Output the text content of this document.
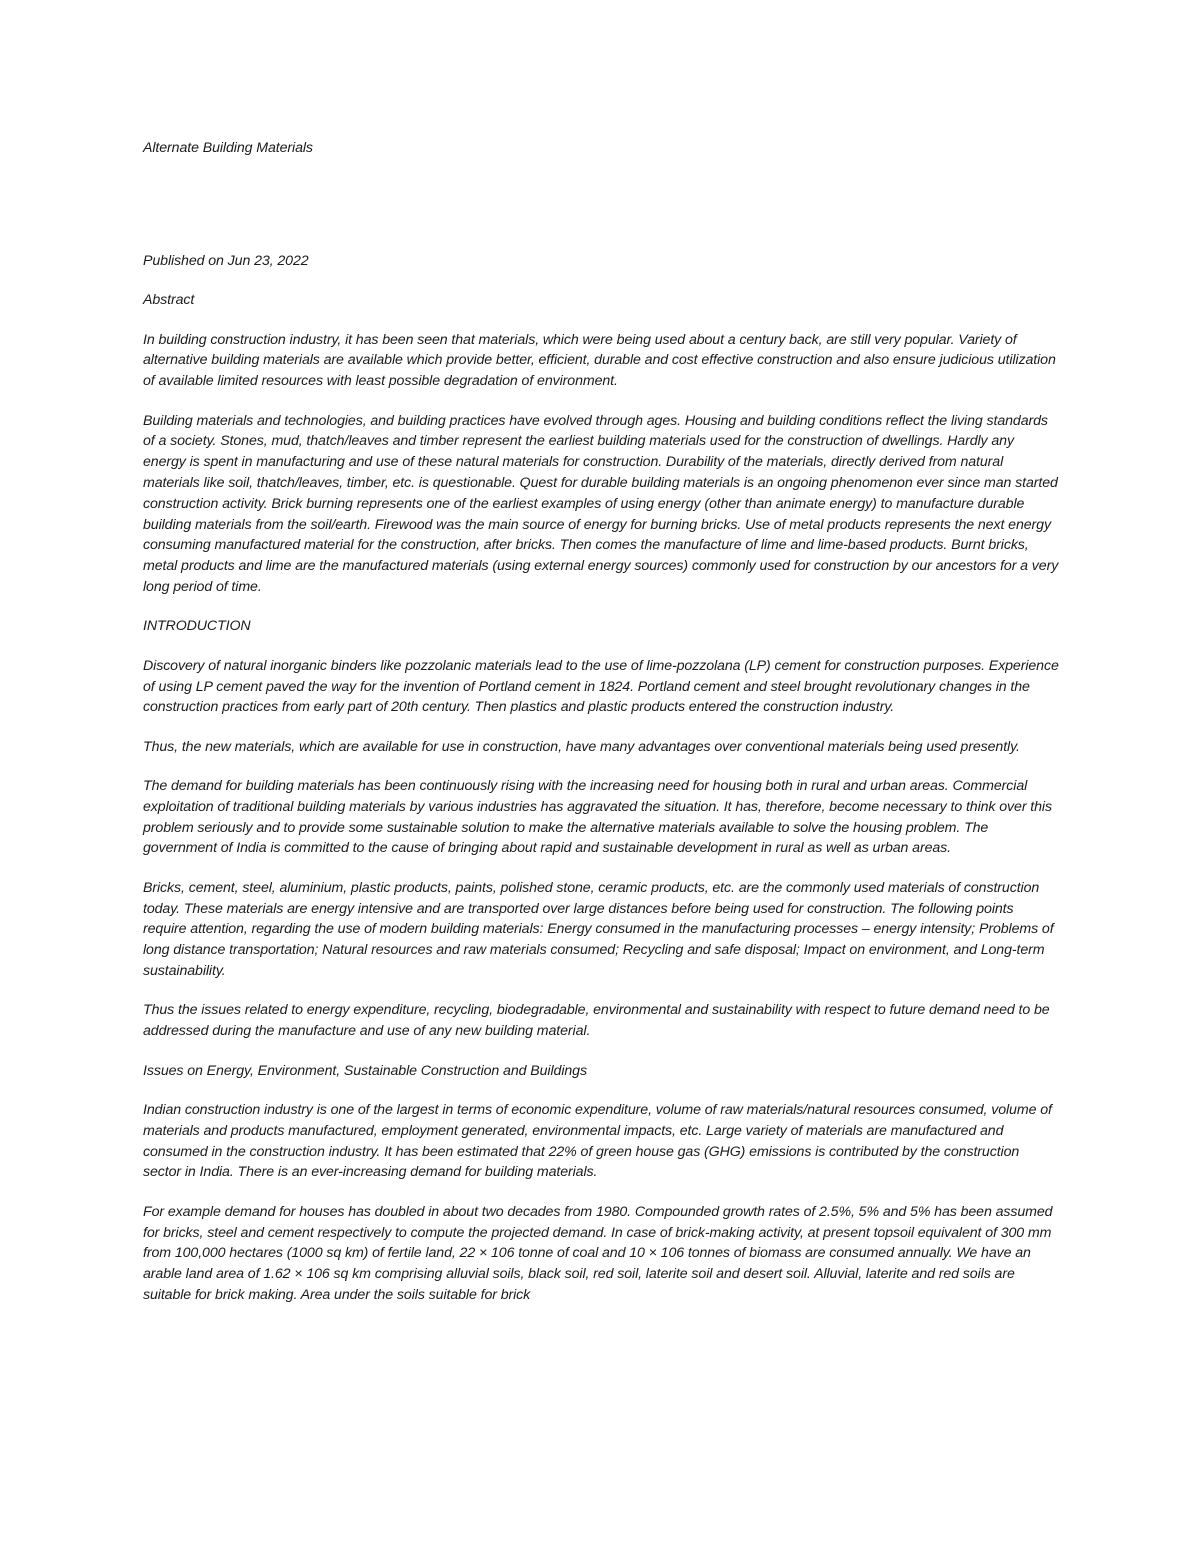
Alternate Building Materials

Published on Jun 23, 2022

Abstract

In building construction industry, it has been seen that materials, which were being used about a century back, are still very popular. Variety of alternative building materials are available which provide better, efficient, durable and cost effective construction and also ensure judicious utilization of available limited resources with least possible degradation of environment.

Building materials and technologies, and building practices have evolved through ages. Housing and building conditions reflect the living standards of a society. Stones, mud, thatch/leaves and timber represent the earliest building materials used for the construction of dwellings. Hardly any energy is spent in manufacturing and use of these natural materials for construction. Durability of the materials, directly derived from natural materials like soil, thatch/leaves, timber, etc. is questionable. Quest for durable building materials is an ongoing phenomenon ever since man started construction activity. Brick burning represents one of the earliest examples of using energy (other than animate energy) to manufacture durable building materials from the soil/earth. Firewood was the main source of energy for burning bricks. Use of metal products represents the next energy consuming manufactured material for the construction, after bricks. Then comes the manufacture of lime and lime-based products. Burnt bricks, metal products and lime are the manufactured materials (using external energy sources) commonly used for construction by our ancestors for a very long period of time.

INTRODUCTION

Discovery of natural inorganic binders like pozzolanic materials lead to the use of lime-pozzolana (LP) cement for construction purposes. Experience of using LP cement paved the way for the invention of Portland cement in 1824. Portland cement and steel brought revolutionary changes in the construction practices from early part of 20th century. Then plastics and plastic products entered the construction industry.

Thus, the new materials, which are available for use in construction, have many advantages over conventional materials being used presently.

The demand for building materials has been continuously rising with the increasing need for housing both in rural and urban areas. Commercial exploitation of traditional building materials by various industries has aggravated the situation. It has, therefore, become necessary to think over this problem seriously and to provide some sustainable solution to make the alternative materials available to solve the housing problem. The government of India is committed to the cause of bringing about rapid and sustainable development in rural as well as urban areas.

Bricks, cement, steel, aluminium, plastic products, paints, polished stone, ceramic products, etc. are the commonly used materials of construction today. These materials are energy intensive and are transported over large distances before being used for construction. The following points require attention, regarding the use of modern building materials: Energy consumed in the manufacturing processes – energy intensity; Problems of long distance transportation; Natural resources and raw materials consumed; Recycling and safe disposal; Impact on environment, and Long-term sustainability.

Thus the issues related to energy expenditure, recycling, biodegradable, environmental and sustainability with respect to future demand need to be addressed during the manufacture and use of any new building material.

Issues on Energy, Environment, Sustainable Construction and Buildings

Indian construction industry is one of the largest in terms of economic expenditure, volume of raw materials/natural resources consumed, volume of materials and products manufactured, employment generated, environmental impacts, etc. Large variety of materials are manufactured and consumed in the construction industry. It has been estimated that 22% of green house gas (GHG) emissions is contributed by the construction sector in India. There is an ever-increasing demand for building materials.

For example demand for houses has doubled in about two decades from 1980. Compounded growth rates of 2.5%, 5% and 5% has been assumed for bricks, steel and cement respectively to compute the projected demand. In case of brick-making activity, at present topsoil equivalent of 300 mm from 100,000 hectares (1000 sq km) of fertile land, 22 × 106 tonne of coal and 10 × 106 tonnes of biomass are consumed annually. We have an arable land area of 1.62 × 106 sq km comprising alluvial soils, black soil, red soil, laterite soil and desert soil. Alluvial, laterite and red soils are suitable for brick making. Area under the soils suitable for brick
